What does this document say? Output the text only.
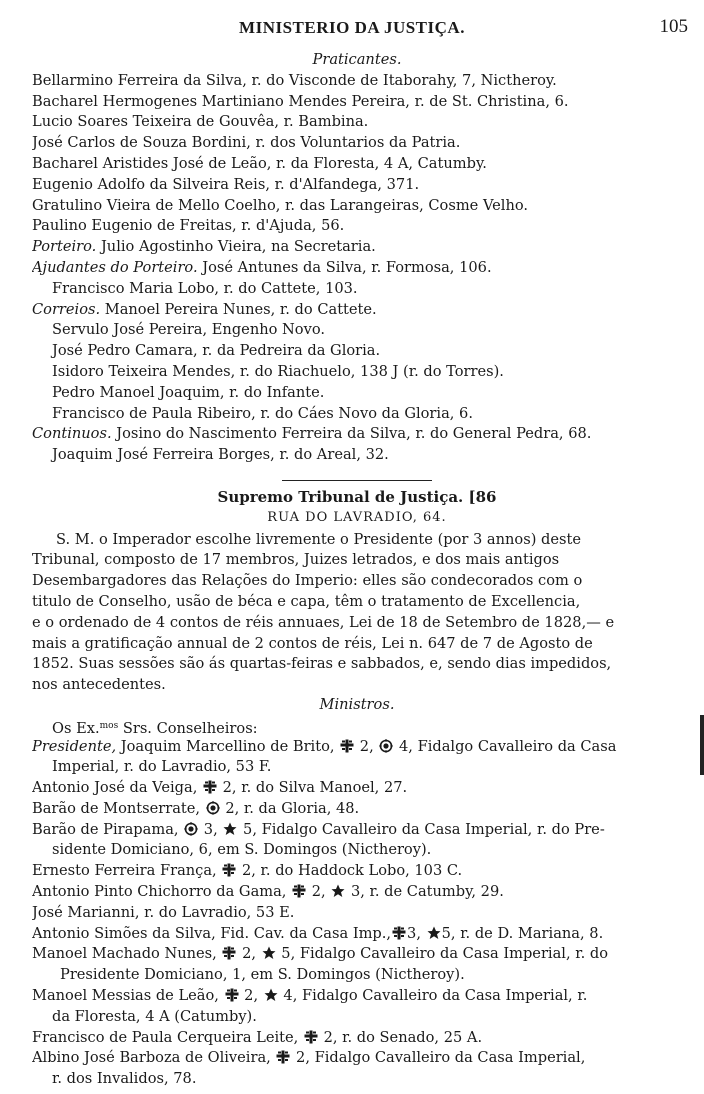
MINISTERIO DA JUSTIÇA.	105
Praticantes.
Bellarmino Ferreira da Silva, r. do Visconde de Itaborahy, 7, Nictheroy.
Bacharel Hermogenes Martiniano Mendes Pereira, r. de St. Christina, 6.
Lucio Soares Teixeira de Gouvêa, r. Bambina.
José Carlos de Souza Bordini, r. dos Voluntarios da Patria.
Bacharel Aristides José de Leão, r. da Floresta, 4 A, Catumby.
Eugenio Adolfo da Silveira Reis, r. d'Alfandega, 371.
Gratulino Vieira de Mello Coelho, r. das Larangeiras, Cosme Velho.
Paulino Eugenio de Freitas, r. d'Ajuda, 56.
Porteiro. Julio Agostinho Vieira, na Secretaria.
Ajudantes do Porteiro. José Antunes da Silva, r. Formosa, 106.
Francisco Maria Lobo, r. do Cattete, 103.
Correios. Manoel Pereira Nunes, r. do Cattete.
Servulo José Pereira, Engenho Novo.
José Pedro Camara, r. da Pedreira da Gloria.
Isidoro Teixeira Mendes, r. do Riachuelo, 138 J (r. do Torres).
Pedro Manoel Joaquim, r. do Infante.
Francisco de Paula Ribeiro, r. do Cáes Novo da Gloria, 6.
Continuos. Josino do Nascimento Ferreira da Silva, r. do General Pedra, 68.
Joaquim José Ferreira Borges, r. do Areal, 32.
Supremo Tribunal de Justiça. [86
RUA DO LAVRADIO, 64.
S. M. o Imperador escolhe livremente o Presidente (por 3 annos) deste
Tribunal, composto de 17 membros, Juizes letrados, e dos mais antigos
Desembargadores das Relações do Imperio: elles são condecorados com o
titulo de Conselho, usão de béca e capa, têm o tratamento de Excellencia,
e o ordenado de 4 contos de réis annuaes, Lei de 18 de Setembro de 1828,— e
mais a gratificação annual de 2 contos de réis, Lei n. 647 de 7 de Agosto de
1852. Suas sessões são ás quartas-feiras e sabbados, e, sendo dias impedidos,
nos antecedentes.
Ministros.
Os Ex.$^{mos}$ Srs. Conselheiros:
Presidente, Joaquim Marcellino de Brito,
2,
4, Fidalgo Cavalleiro da Casa
Imperial, r. do Lavradio, 53 F.
Antonio José da Veiga,
2, r. do Silva Manoel, 27.
Barão de Montserrate,
2, r. da Gloria, 48.
Barão de Pirapama,
3,
5, Fidalgo Cavalleiro da Casa Imperial, r. do Pre-
sidente Domiciano, 6, em S. Domingos (Nictheroy).
Ernesto Ferreira França,
2, r. do Haddock Lobo, 103 C.
Antonio Pinto Chichorro da Gama,
2,
3, r. de Catumby, 29.
José Marianni, r. do Lavradio, 53 E.
Antonio Simões da Silva, Fid. Cav. da Casa Imp., 3, 5, r. de D. Mariana, 8.
Manoel Machado Nunes,
2,
5, Fidalgo Cavalleiro da Casa Imperial, r. do
Presidente Domiciano, 1, em S. Domingos (Nictheroy).
Manoel Messias de Leão,
2,
4, Fidalgo Cavalleiro da Casa Imperial, r.
da Floresta, 4 A (Catumby).
Francisco de Paula Cerqueira Leite,
2, r. do Senado, 25 A.
Albino José Barboza de Oliveira,
2, Fidalgo Cavalleiro da Casa Imperial,
r. dos Invalidos, 78.
